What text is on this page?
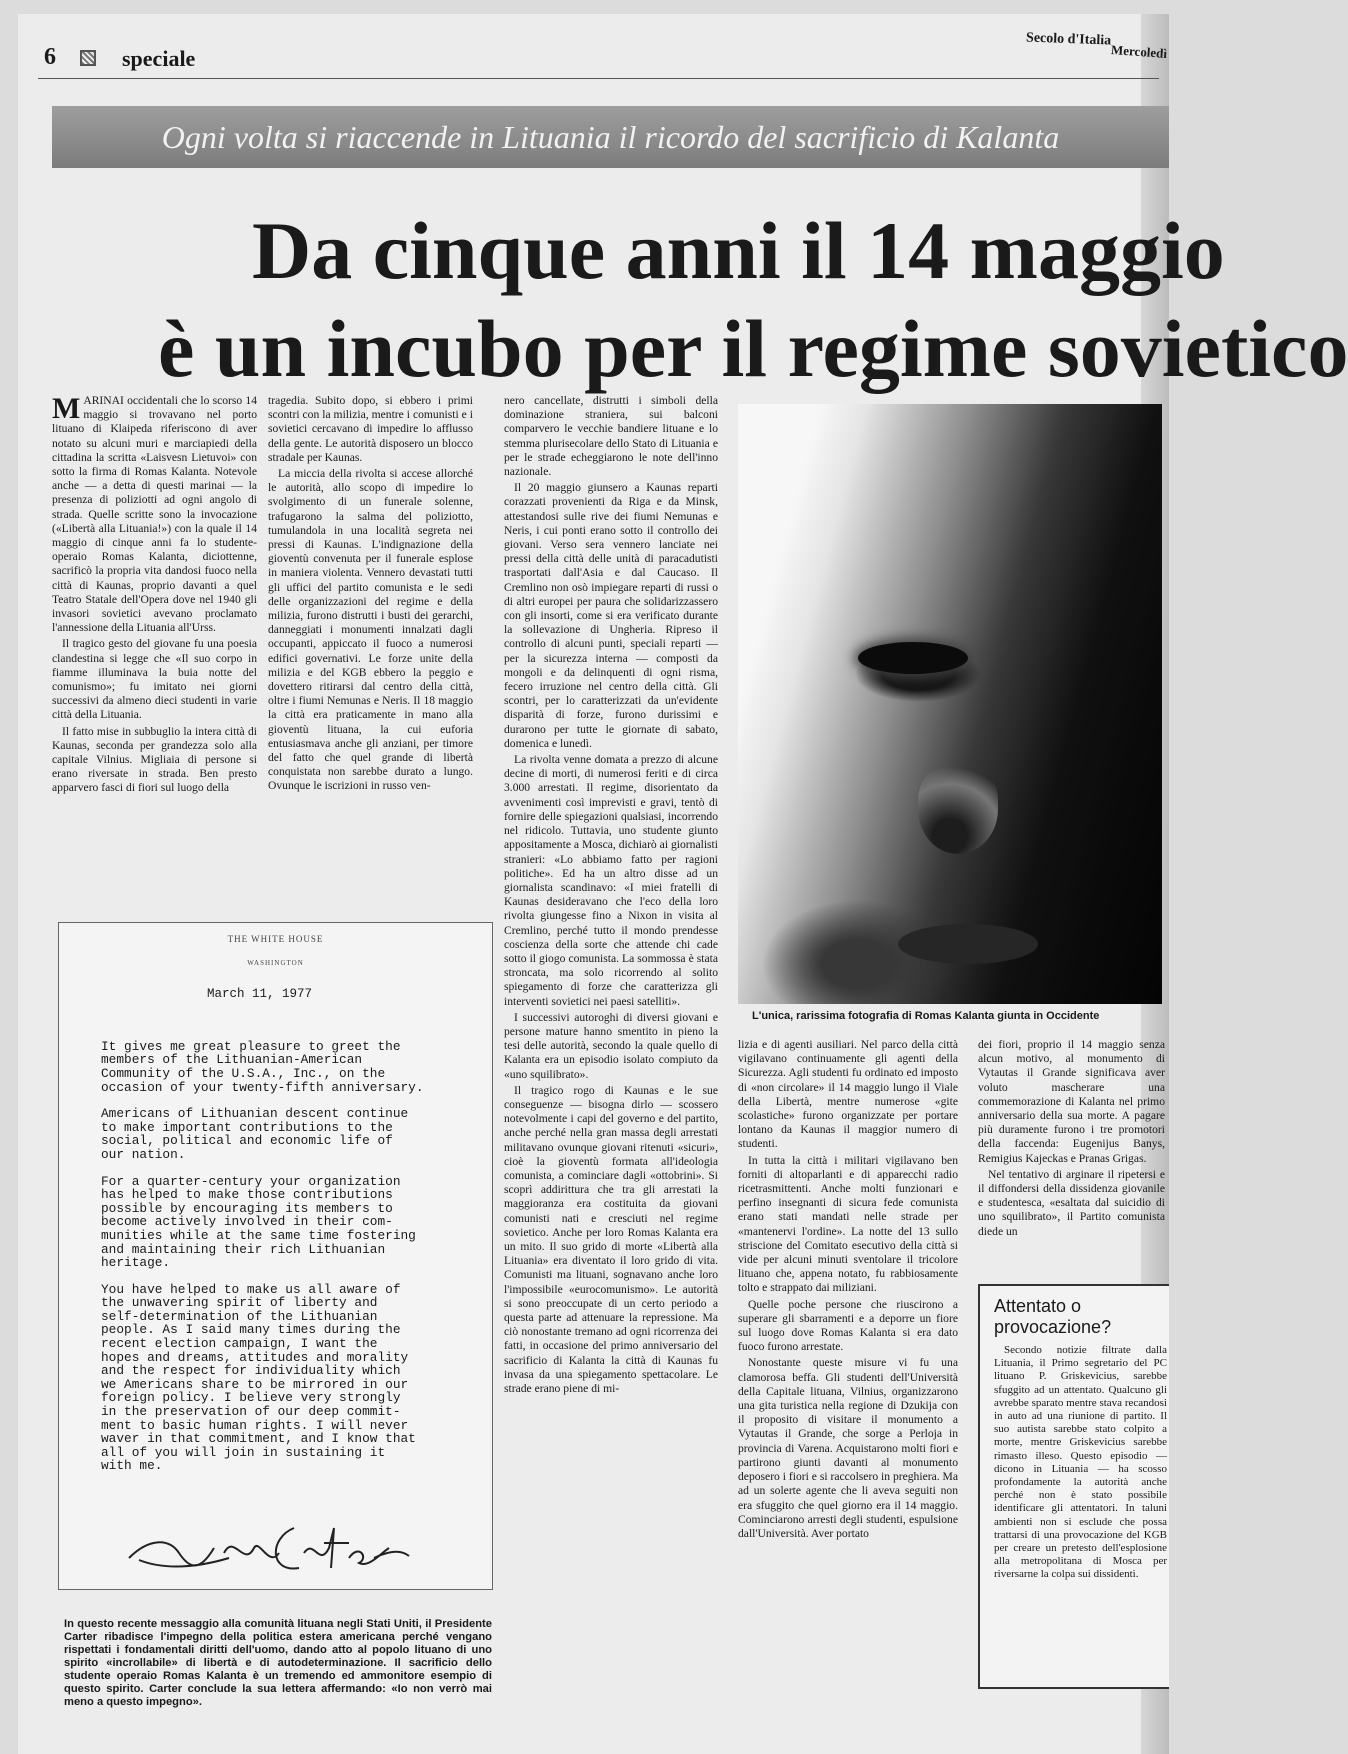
6	speciale
Secolo d'Italia
Mercoledì
Ogni volta si riaccende in Lituania il ricordo del sacrificio di Kalanta
Da cinque anni il 14 maggio
è un incubo per il regime sovietico

MARINAI occidentali che lo scorso 14 maggio si trovavano nel porto lituano di Klaipeda riferiscono di aver notato su alcuni muri e marciapiedi della cittadina la scritta «Laisvesn Lietuvoi» con sotto la firma di Romas Kalanta. Notevole anche — a detta di questi marinai — la presenza di poliziotti ad ogni angolo di strada. Quelle scritte sono la invocazione («Libertà alla Lituania!») con la quale il 14 maggio di cinque anni fa lo studente-operaio Romas Kalanta, diciottenne, sacrificò la propria vita dandosi fuoco nella città di Kaunas, proprio davanti a quel Teatro Statale dell'Opera dove nel 1940 gli invasori sovietici avevano proclamato l'annessione della Lituania all'Urss.

Il tragico gesto del giovane fu una poesia clandestina si legge che «Il suo corpo in fiamme illuminava la buia notte del comunismo»; fu imitato nei giorni successivi da almeno dieci studenti in varie città della Lituania.

Il fatto mise in subbuglio la intera città di Kaunas, seconda per grandezza solo alla capitale Vilnius. Migliaia di persone si erano riversate in strada. Ben presto apparvero fasci di fiori sul luogo della

tragedia. Subito dopo, si ebbero i primi scontri con la milizia, mentre i comunisti e i sovietici cercavano di impedire lo afflusso della gente. Le autorità disposero un blocco stradale per Kaunas.

La miccia della rivolta si accese allorché le autorità, allo scopo di impedire lo svolgimento di un funerale solenne, trafugarono la salma del poliziotto, tumulandola in una località segreta nei pressi di Kaunas. L'indignazione della gioventù convenuta per il funerale esplose in maniera violenta. Vennero devastati tutti gli uffici del partito comunista e le sedi delle organizzazioni del regime e della milizia, furono distrutti i busti dei gerarchi, danneggiati i monumenti innalzati dagli occupanti, appiccato il fuoco a numerosi edifici governativi. Le forze unite della milizia e del KGB ebbero la peggio e dovettero ritirarsi dal centro della città, oltre i fiumi Nemunas e Neris. Il 18 maggio la città era praticamente in mano alla gioventù lituana, la cui euforia entusiasmava anche gli anziani, per timore del fatto che quel grande di libertà conquistata non sarebbe durato a lungo. Ovunque le iscrizioni in russo ven-

nero cancellate, distrutti i simboli della dominazione straniera, sui balconi comparvero le vecchie bandiere lituane e lo stemma plurisecolare dello Stato di Lituania e per le strade echeggiarono le note dell'inno nazionale.

Il 20 maggio giunsero a Kaunas reparti corazzati provenienti da Riga e da Minsk, attestandosi sulle rive dei fiumi Nemunas e Neris, i cui ponti erano sotto il controllo dei giovani. Verso sera vennero lanciate nei pressi della città delle unità di paracadutisti trasportati dall'Asia e dal Caucaso. Il Cremlino non osò impiegare reparti di russi o di altri europei per paura che solidarizzassero con gli insorti, come si era verificato durante la sollevazione di Ungheria. Ripreso il controllo di alcuni punti, speciali reparti — per la sicurezza interna — composti da mongoli e da delinquenti di ogni risma, fecero irruzione nel centro della città. Gli scontri, per lo caratterizzati da un'evidente disparità di forze, furono durissimi e durarono per tutte le giornate di sabato, domenica e lunedì.

La rivolta venne domata a prezzo di alcune decine di morti, di numerosi feriti e di circa 3.000 arrestati. Il regime, disorientato da avvenimenti così imprevisti e gravi, tentò di fornire delle spiegazioni qualsiasi, incorrendo nel ridicolo. Tuttavia, uno studente giunto appositamente a Mosca, dichiarò ai giornalisti stranieri: «Lo abbiamo fatto per ragioni politiche». Ed ha un altro disse ad un giornalista scandinavo: «I miei fratelli di Kaunas desideravano che l'eco della loro rivolta giungesse fino a Nixon in visita al Cremlino, perché tutto il mondo prendesse coscienza della sorte che attende chi cade sotto il giogo comunista. La sommossa è stata stroncata, ma solo ricorrendo al solito spiegamento di forze che caratterizza gli interventi sovietici nei paesi satelliti».

I successivi autoroghi di diversi giovani e persone mature hanno smentito in pieno la tesi delle autorità, secondo la quale quello di Kalanta era un episodio isolato compiuto da «uno squilibrato».

Il tragico rogo di Kaunas e le sue conseguenze — bisogna dirlo — scossero notevolmente i capi del governo e del partito, anche perché nella gran massa degli arrestati militavano ovunque giovani ritenuti «sicuri», cioè la gioventù formata all'ideologia comunista, a cominciare dagli «ottobrini». Si scoprì addirittura che tra gli arrestati la maggioranza era costituita da giovani comunisti nati e cresciuti nel regime sovietico. Anche per loro Romas Kalanta era un mito. Il suo grido di morte «Libertà alla Lituania» era diventato il loro grido di vita. Comunisti ma lituani, sognavano anche loro l'impossibile «eurocomunismo». Le autorità si sono preoccupate di un certo periodo a questa parte ad attenuare la repressione. Ma ciò nonostante tremano ad ogni ricorrenza dei fatti, in occasione del primo anniversario del sacrificio di Kalanta la città di Kaunas fu invasa da una spiegamento spettacolare. Le strade erano piene di mi-

L'unica, rarissima fotografia di Romas Kalanta giunta in Occidente

lizia e di agenti ausiliari. Nel parco della città vigilavano continuamente gli agenti della Sicurezza. Agli studenti fu ordinato ed imposto di «non circolare» il 14 maggio lungo il Viale della Libertà, mentre numerose «gite scolastiche» furono organizzate per portare lontano da Kaunas il maggior numero di studenti.

In tutta la città i militari vigilavano ben forniti di altoparlanti e di apparecchi radio ricetrasmittenti. Anche molti funzionari e perfino insegnanti di sicura fede comunista erano stati mandati nelle strade per «mantenervi l'ordine». La notte del 13 sullo striscione del Comitato esecutivo della città si vide per alcuni minuti sventolare il tricolore lituano che, appena notato, fu rabbiosamente tolto e strappato dai miliziani.

Quelle poche persone che riuscirono a superare gli sbarramenti e a deporre un fiore sul luogo dove Romas Kalanta si era dato fuoco furono arrestate.

Nonostante queste misure vi fu una clamorosa beffa. Gli studenti dell'Università della Capitale lituana, Vilnius, organizzarono una gita turistica nella regione di Dzukija con il proposito di visitare il monumento a Vytautas il Grande, che sorge a Perloja in provincia di Varena. Acquistarono molti fiori e partirono giunti davanti al monumento deposero i fiori e si raccolsero in preghiera. Ma ad un solerte agente che li aveva seguiti non era sfuggito che quel giorno era il 14 maggio. Cominciarono arresti degli studenti, espulsione dall'Università. Aver portato

dei fiori, proprio il 14 maggio senza alcun motivo, al monumento di Vytautas il Grande significava aver voluto mascherare una commemorazione di Kalanta nel primo anniversario della sua morte. A pagare più duramente furono i tre promotori della faccenda: Eugenijus Banys, Remigius Kajeckas e Pranas Grigas.

Nel tentativo di arginare il ripetersi e il diffondersi della dissidenza giovanile e studentesca, «esaltata dal suicidio di uno squilibrato», il Partito comunista diede un

THE WHITE HOUSE
WASHINGTON
March 11, 1977

It gives me great pleasure to greet the
members of the Lithuanian-American
Community of the U.S.A., Inc., on the
occasion of your twenty-fifth anniversary.

Americans of Lithuanian descent continue
to make important contributions to the
social, political and economic life of
our nation.

For a quarter-century your organization
has helped to make those contributions
possible by encouraging its members to
become actively involved in their com-
munities while at the same time fostering
and maintaining their rich Lithuanian
heritage.

You have helped to make us all aware of
the unwavering spirit of liberty and
self-determination of the Lithuanian
people. As I said many times during the
recent election campaign, I want the
hopes and dreams, attitudes and morality
and the respect for individuality which
we Americans share to be mirrored in our
foreign policy. I believe very strongly
in the preservation of our deep commit-
ment to basic human rights. I will never
waver in that commitment, and I know that
all of you will join in sustaining it
with me.

In questo recente messaggio alla comunità lituana negli Stati Uniti, il Presidente Carter ribadisce l'impegno della politica estera americana perché vengano rispettati i fondamentali diritti dell'uomo, dando atto al popolo lituano di uno spirito «incrollabile» di libertà e di autodeterminazione. Il sacrificio dello studente operaio Romas Kalanta è un tremendo ed ammonitore esempio di questo spirito. Carter conclude la sua lettera affermando: «Io non verrò mai meno a questo impegno».
Attentato o provocazione?

Secondo notizie filtrate dalla Lituania, il Primo segretario del PC lituano P. Griskevicius, sarebbe sfuggito ad un attentato. Qualcuno gli avrebbe sparato mentre stava recandosi in auto ad una riunione di partito. Il suo autista sarebbe stato colpito a morte, mentre Griskevicius sarebbe rimasto illeso. Questo episodio — dicono in Lituania — ha scosso profondamente la autorità anche perché non è stato possibile identificare gli attentatori. In taluni ambienti non si esclude che possa trattarsi di una provocazione del KGB per creare un pretesto dell'esplosione alla metropolitana di Mosca per riversarne la colpa sui dissidenti.
